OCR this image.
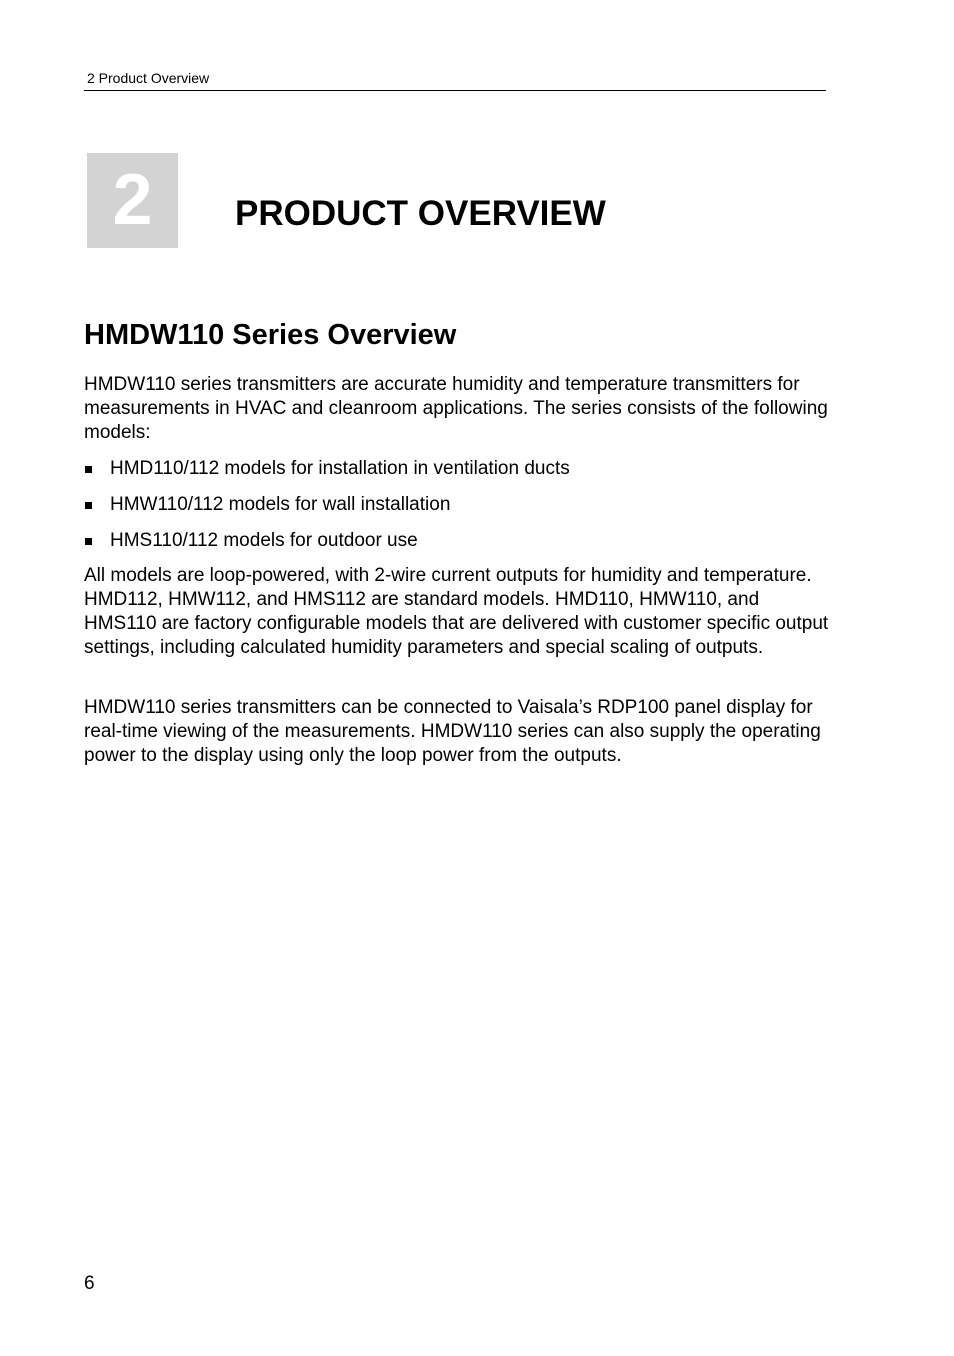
2 Product Overview
2	PRODUCT OVERVIEW
HMDW110 Series Overview

HMDW110 series transmitters are accurate humidity and temperature transmitters for measurements in HVAC and cleanroom applications. The series consists of the following models:

HMD110/112 models for installation in ventilation ducts
HMW110/112 models for wall installation
HMS110/112 models for outdoor use

All models are loop-powered, with 2-wire current outputs for humidity and temperature. HMD112, HMW112, and HMS112 are standard models. HMD110, HMW110, and HMS110 are factory configurable models that are delivered with customer specific output settings, including calculated humidity parameters and special scaling of outputs.

HMDW110 series transmitters can be connected to Vaisala’s RDP100 panel display for real-time viewing of the measurements. HMDW110 series can also supply the operating power to the display using only the loop power from the outputs.

6
